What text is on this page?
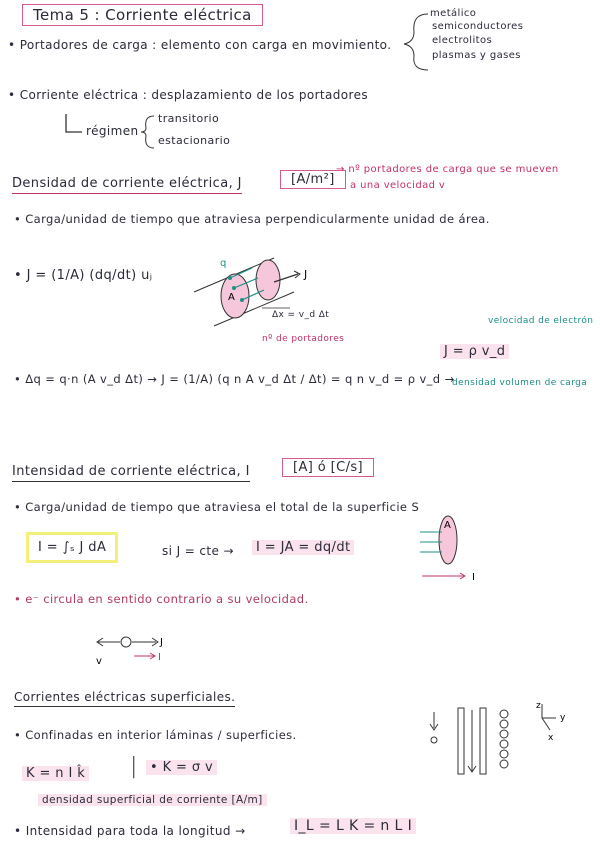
Tema 5 : Corriente eléctrica
• Portadores de carga : elemento con carga en movimiento.
metálico
semiconductores
electrolitos
plasmas y gases
• Corriente eléctrica : desplazamiento de los portadores
régimen
transitorio
estacionario
Densidad de corriente eléctrica, J	[A/m²]
→ nº portadores de carga que se mueven
a una velocidad v
• Carga/unidad de tiempo que atraviesa perpendicularmente unidad de área.
• J = (1/A) (dq/dt) uⱼ
A
q
J
Δx = v_d Δt
nº de portadores
velocidad de electrón
• Δq = q·n (A v_d Δt) → J = (1/A) (q n A v_d Δt / Δt) = q n v_d = ρ v_d →
J = ρ v_d
densidad volumen de carga
Intensidad de corriente eléctrica, I	[A] ó [C/s]
• Carga/unidad de tiempo que atraviesa el total de la superficie S
I = ∫ₛ J dA	si J = cte →	I = JA = dq/dt
A
I
• e⁻ circula en sentido contrario a su velocidad.
J
I
v
Corrientes eléctricas superficiales.
• Confinadas en interior láminas / superficies.
K = n I k̂ | • K = σ v
densidad superficial de corriente [A/m]
• Intensidad para toda la longitud →	I_L = L K = n L I
z
y
x
